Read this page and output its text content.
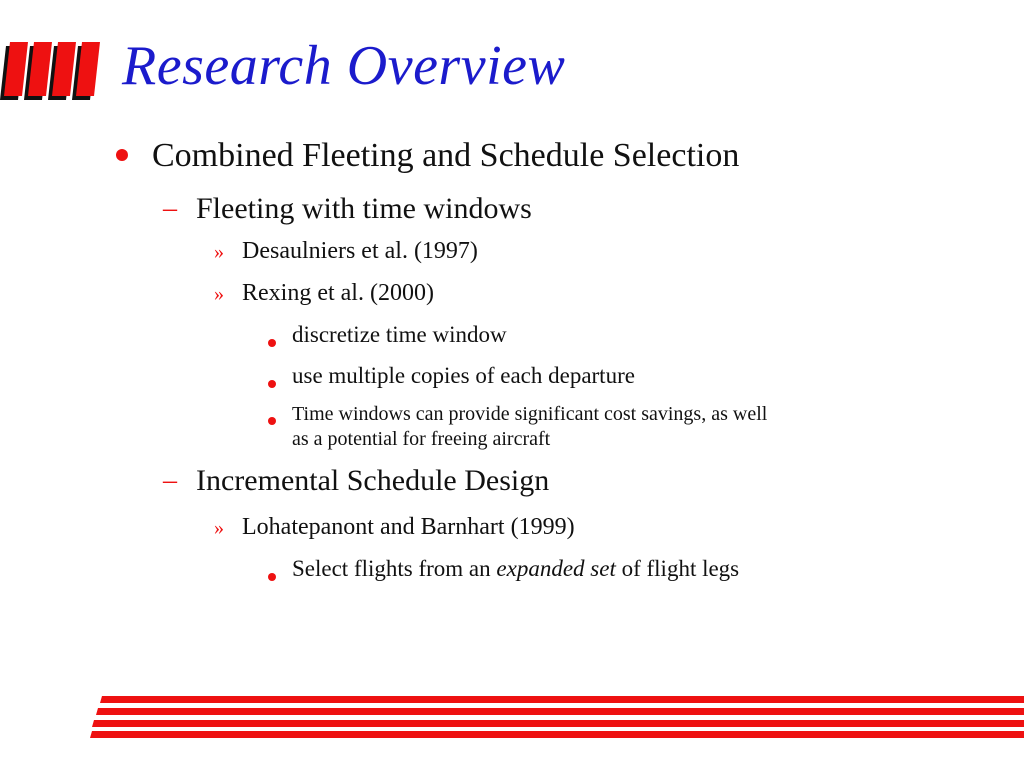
Research Overview
Combined Fleeting and Schedule Selection
– Fleeting with time windows
» Desaulniers et al. (1997)
» Rexing et al. (2000)
discretize time window
use multiple copies of each departure
Time windows can provide significant cost savings, as well
as a potential for freeing aircraft
– Incremental Schedule Design
» Lohatepanont and Barnhart (1999)
Select flights from an expanded set of flight legs
